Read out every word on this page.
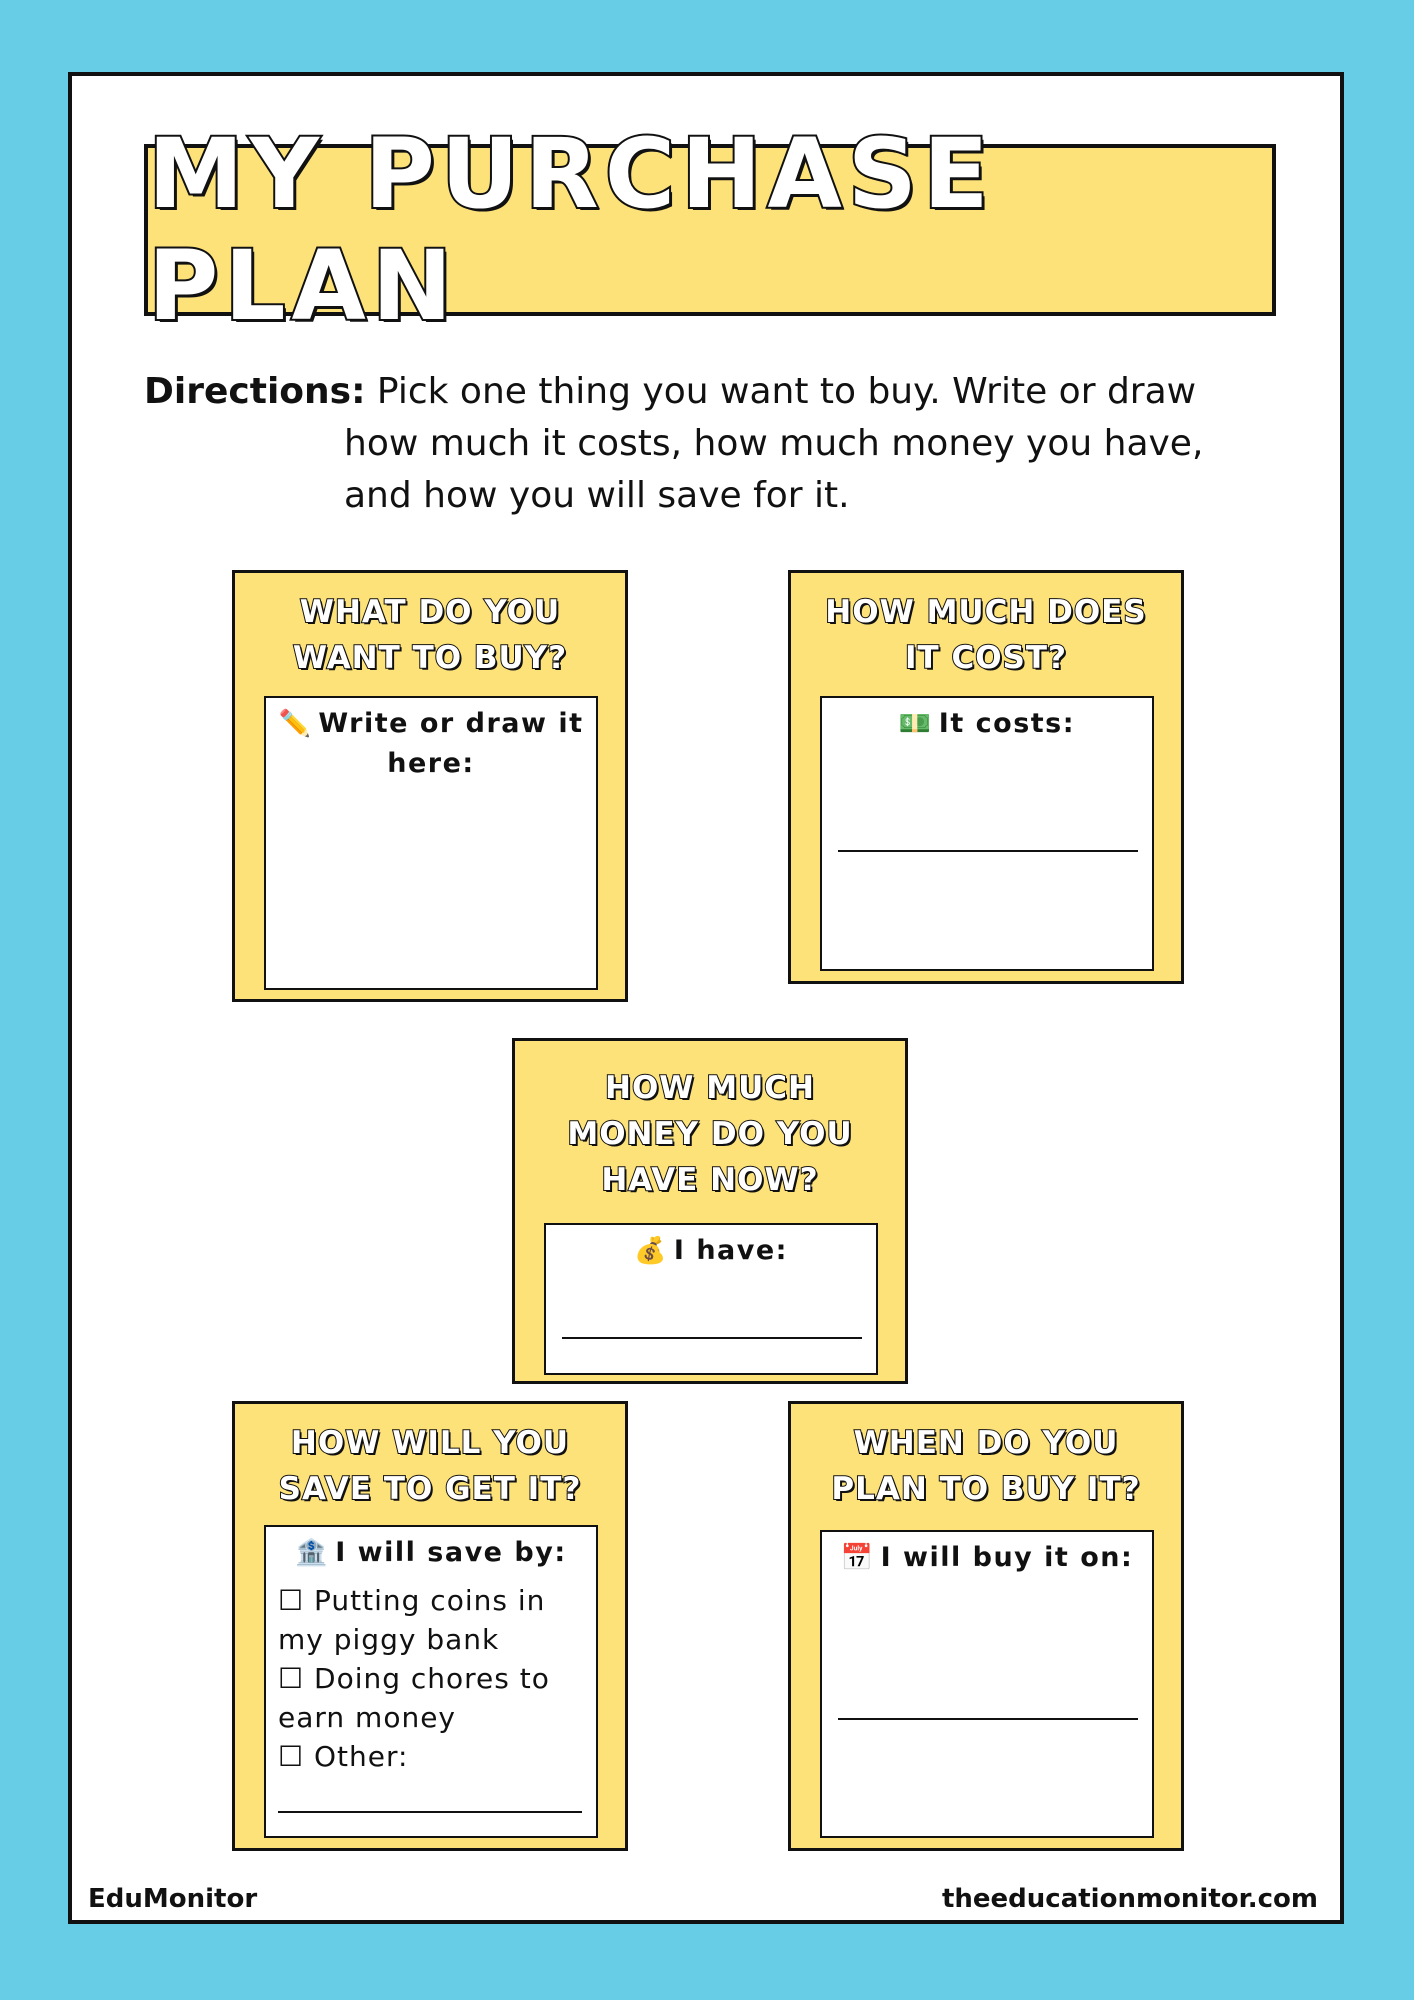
MY PURCHASE PLAN
Directions: Pick one thing you want to buy. Write or draw
how much it costs, how much money you have,
and how you will save for it.
WHAT DO YOU
WANT TO BUY?
✏️ Write or draw it here:
HOW MUCH DOES
IT COST?
💵 It costs:
HOW MUCH
MONEY DO YOU
HAVE NOW?
💰 I have:
HOW WILL YOU
SAVE TO GET IT?
🏦 I will save by:
☐ Putting coins in my piggy bank
☐ Doing chores to earn money
☐ Other:
WHEN DO YOU
PLAN TO BUY IT?
📅 I will buy it on:
EduMonitor	theeducationmonitor.com
